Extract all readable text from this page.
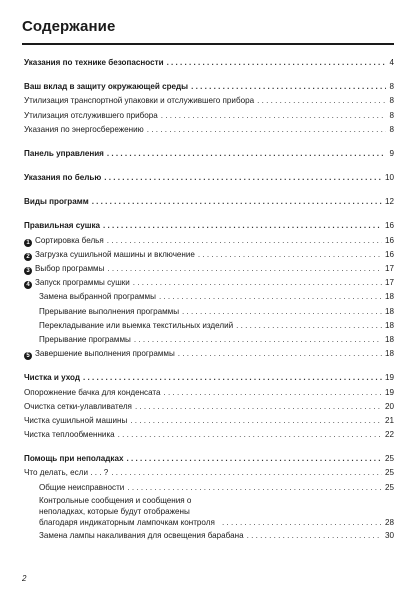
Содержание
Указания по технике безопасности . . .	4
Ваш вклад в защиту окружающей среды . . .	8
Утилизация транспортной упаковки и отслужившего прибора . . .	8
Утилизация отслужившего прибора . . .	8
Указания по энергосбережению . . .	8
Панель управления . . .	9
Указания по белью . . .	10
Виды программ . . .	12
Правильная сушка . . .	16
1 Сортировка белья . . .	16
2 Загрузка сушильной машины и включение . . .	16
3 Выбор программы . . .	17
4 Запуск программы сушки . . .	17
Замена выбранной программы . . .	18
Прерывание выполнения программы . . .	18
Перекладывание или выемка текстильных изделий . . .	18
Прерывание программы . . .	18
5 Завершение выполнения программы . . .	18
Чистка и уход . . .	19
Опорожнение бачка для конденсата . . .	19
Очистка сетки-улавливателя . . .	20
Чистка сушильной машины . . .	21
Чистка теплообменника . . .	22
Помощь при неполадках . . .	25
Что делать, если . . . ? . . .	25
Общие неисправности . . .	25
Контрольные сообщения и сообщения о неполадках, которые будут отображены благодаря индикаторным лампочкам контроля . . .	28
Замена лампы накаливания для освещения барабана . . .	30
2
